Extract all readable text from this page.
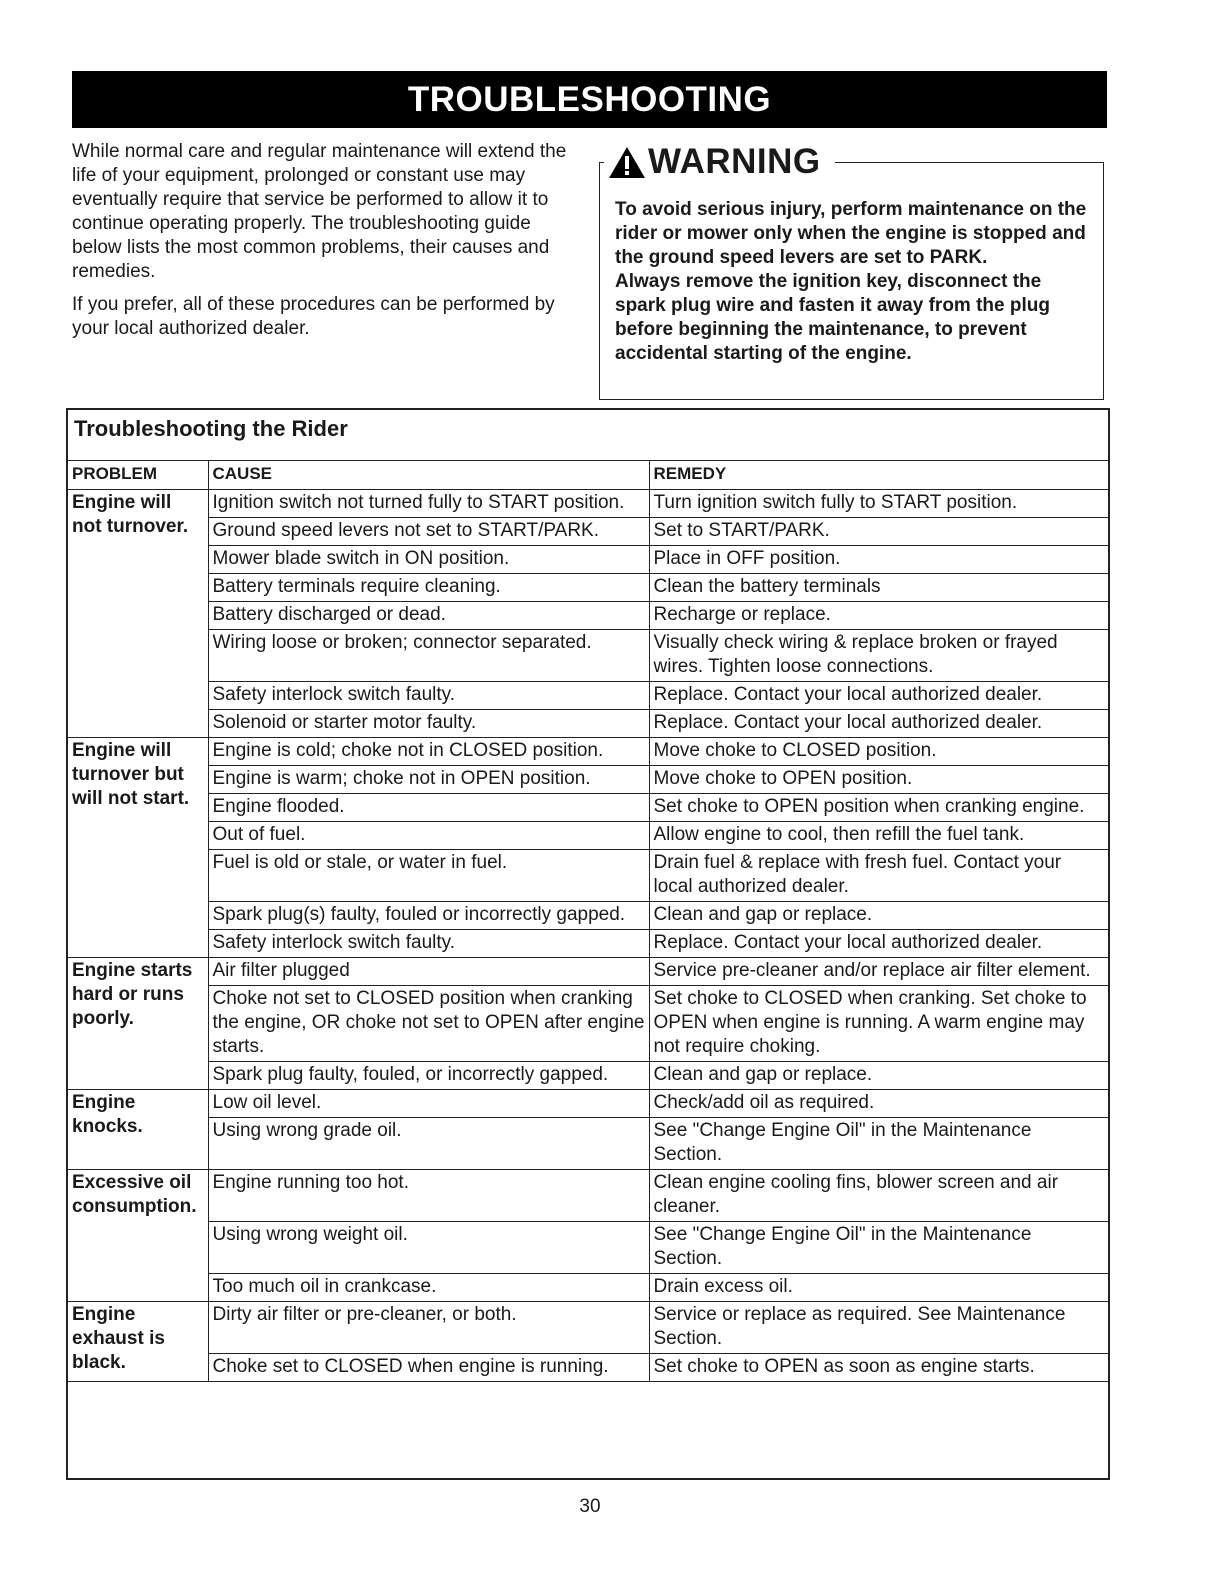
TROUBLESHOOTING

While normal care and regular maintenance will extend the life of your equipment, prolonged or constant use may eventually require that service be performed to allow it to continue operating properly. The troubleshooting guide below lists the most common problems, their causes and remedies.

If you prefer, all of these procedures can be performed by your local authorized dealer.

WARNING

To avoid serious injury, perform maintenance on the rider or mower only when the engine is stopped and the ground speed levers are set to PARK.

Always remove the ignition key, disconnect the spark plug wire and fasten it away from the plug before beginning the maintenance, to prevent accidental starting of the engine.

Troubleshooting the Rider
PROBLEM	CAUSE	REMEDY
Engine will not turnover.	Ignition switch not turned fully to START position.	Turn ignition switch fully to START position.
	Ground speed levers not set to START/PARK.	Set to START/PARK.
	Mower blade switch in ON position.	Place in OFF position.
	Battery terminals require cleaning.	Clean the battery terminals
	Battery discharged or dead.	Recharge or replace.
	Wiring loose or broken; connector separated.	Visually check wiring & replace broken or frayed wires. Tighten loose connections.
	Safety interlock switch faulty.	Replace. Contact your local authorized dealer.
	Solenoid or starter motor faulty.	Replace. Contact your local authorized dealer.
Engine will turnover but will not start.	Engine is cold; choke not in CLOSED position.	Move choke to CLOSED position.
	Engine is warm; choke not in OPEN position.	Move choke to OPEN position.
	Engine flooded.	Set choke to OPEN position when cranking engine.
	Out of fuel.	Allow engine to cool, then refill the fuel tank.
	Fuel is old or stale, or water in fuel.	Drain fuel & replace with fresh fuel. Contact your local authorized dealer.
	Spark plug(s) faulty, fouled or incorrectly gapped.	Clean and gap or replace.
	Safety interlock switch faulty.	Replace. Contact your local authorized dealer.
Engine starts hard or runs poorly.	Air filter plugged	Service pre-cleaner and/or replace air filter element.
	Choke not set to CLOSED position when cranking the engine, OR choke not set to OPEN after engine starts.	Set choke to CLOSED when cranking. Set choke to OPEN when engine is running. A warm engine may not require choking.
	Spark plug faulty, fouled, or incorrectly gapped.	Clean and gap or replace.
Engine knocks.	Low oil level.	Check/add oil as required.
	Using wrong grade oil.	See "Change Engine Oil" in the Maintenance Section.
Excessive oil consumption.	Engine running too hot.	Clean engine cooling fins, blower screen and air cleaner.
	Using wrong weight oil.	See "Change Engine Oil" in the Maintenance Section.
	Too much oil in crankcase.	Drain excess oil.
Engine exhaust is black.	Dirty air filter or pre-cleaner, or both.	Service or replace as required. See Maintenance Section.
	Choke set to CLOSED when engine is running.	Set choke to OPEN as soon as engine starts.
30
